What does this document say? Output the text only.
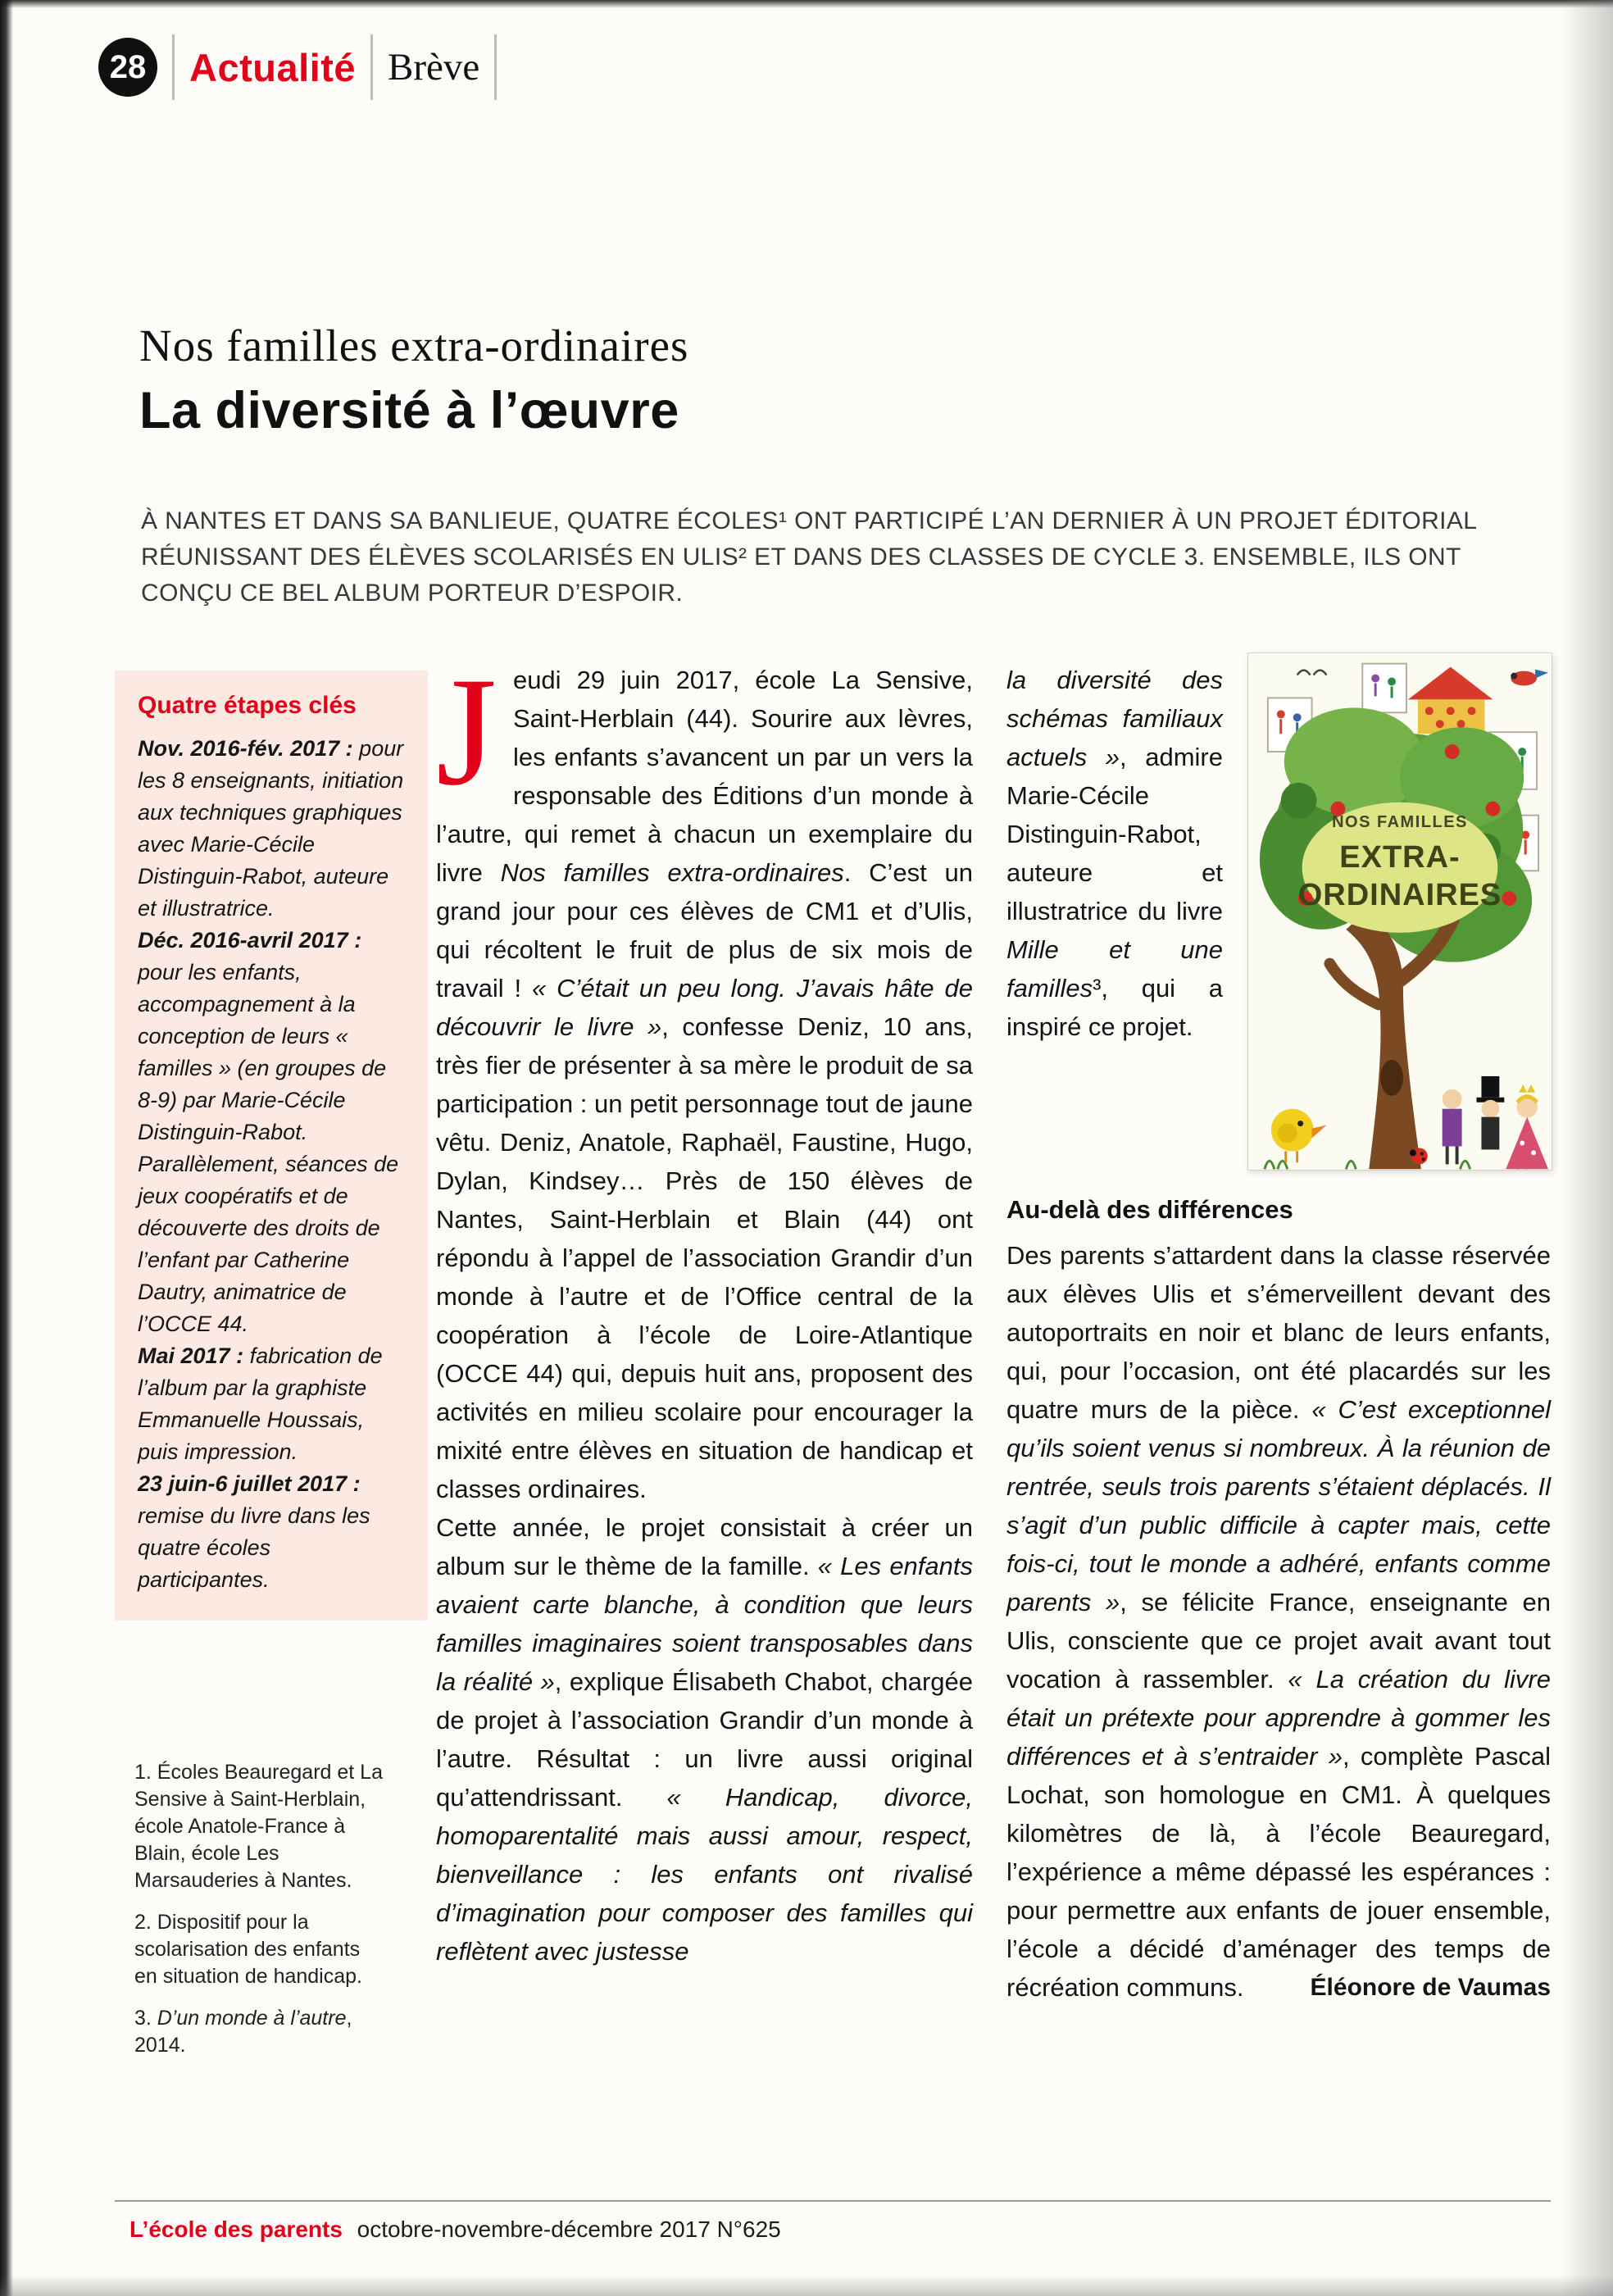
28 Actualité Brève
Nos familles extra-ordinaires
La diversité à l’œuvre
À NANTES ET DANS SA BANLIEUE, QUATRE ÉCOLES¹ ONT PARTICIPÉ L’AN DERNIER À UN PROJET ÉDITORIAL RÉUNISSANT DES ÉLÈVES SCOLARISÉS EN ULIS² ET DANS DES CLASSES DE CYCLE 3. ENSEMBLE, ILS ONT CONÇU CE BEL ALBUM PORTEUR D’ESPOIR.
Quatre étapes clés

Nov. 2016-fév. 2017 : pour les 8 enseignants, initiation aux techniques graphiques avec Marie-Cécile Distinguin-Rabot, auteure et illustratrice.

Déc. 2016-avril 2017 : pour les enfants, accompagnement à la conception de leurs « familles » (en groupes de 8-9) par Marie-Cécile Distinguin-Rabot. Parallèlement, séances de jeux coopératifs et de découverte des droits de l’enfant par Catherine Dautry, animatrice de l’OCCE 44.

Mai 2017 : fabrication de l’album par la graphiste Emmanuelle Houssais, puis impression.

23 juin-6 juillet 2017 : remise du livre dans les quatre écoles participantes.

1. Écoles Beauregard et La Sensive à Saint-Herblain, école Anatole-France à Blain, école Les Marsauderies à Nantes.

2. Dispositif pour la scolarisation des enfants en situation de handicap.

3. D’un monde à l’autre, 2014.

J eudi 29 juin 2017, école La Sensive, Saint-Herblain (44). Sourire aux lèvres, les enfants s’avancent un par un vers la responsable des Éditions d’un monde à l’autre, qui remet à chacun un exemplaire du livre Nos familles extra-ordinaires. C’est un grand jour pour ces élèves de CM1 et d’Ulis, qui récoltent le fruit de plus de six mois de travail ! « C’était un peu long. J’avais hâte de découvrir le livre », confesse Deniz, 10 ans, très fier de présenter à sa mère le produit de sa participation : un petit personnage tout de jaune vêtu. Deniz, Anatole, Raphaël, Faustine, Hugo, Dylan, Kindsey… Près de 150 élèves de Nantes, Saint-Herblain et Blain (44) ont répondu à l’appel de l’association Grandir d’un monde à l’autre et de l’Office central de la coopération à l’école de Loire-Atlantique (OCCE 44) qui, depuis huit ans, proposent des activités en milieu scolaire pour encourager la mixité entre élèves en situation de handicap et classes ordinaires.

Cette année, le projet consistait à créer un album sur le thème de la famille. « Les enfants avaient carte blanche, à condition que leurs familles imaginaires soient transposables dans la réalité », explique Élisabeth Chabot, chargée de projet à l’association Grandir d’un monde à l’autre. Résultat : un livre aussi original qu’attendrissant. « Handicap, divorce, homoparentalité mais aussi amour, respect, bienveillance : les enfants ont rivalisé d’imagination pour composer des familles qui reflètent avec justesse

la diversité des schémas familiaux actuels », admire Marie-Cécile Distinguin-Rabot, auteure et illustratrice du livre Mille et une familles³, qui a inspiré ce projet.

NOS FAMILLES
EXTRA-
ORDINAIRES
Au-delà des différences

Des parents s’attardent dans la classe réservée aux élèves Ulis et s’émerveillent devant des autoportraits en noir et blanc de leurs enfants, qui, pour l’occasion, ont été placardés sur les quatre murs de la pièce. « C’est exceptionnel qu’ils soient venus si nombreux. À la réunion de rentrée, seuls trois parents s’étaient déplacés. Il s’agit d’un public difficile à capter mais, cette fois-ci, tout le monde a adhéré, enfants comme parents », se félicite France, enseignante en Ulis, consciente que ce projet avait avant tout vocation à rassembler. « La création du livre était un prétexte pour apprendre à gommer les différences et à s’entraider », complète Pascal Lochat, son homologue en CM1. À quelques kilomètres de là, à l’école Beauregard, l’expérience a même dépassé les espérances : pour permettre aux enfants de jouer ensemble, l’école a décidé d’aménager des temps de récréation communs.	Éléonore de Vaumas
L’école des parents octobre-novembre-décembre 2017 N°625
